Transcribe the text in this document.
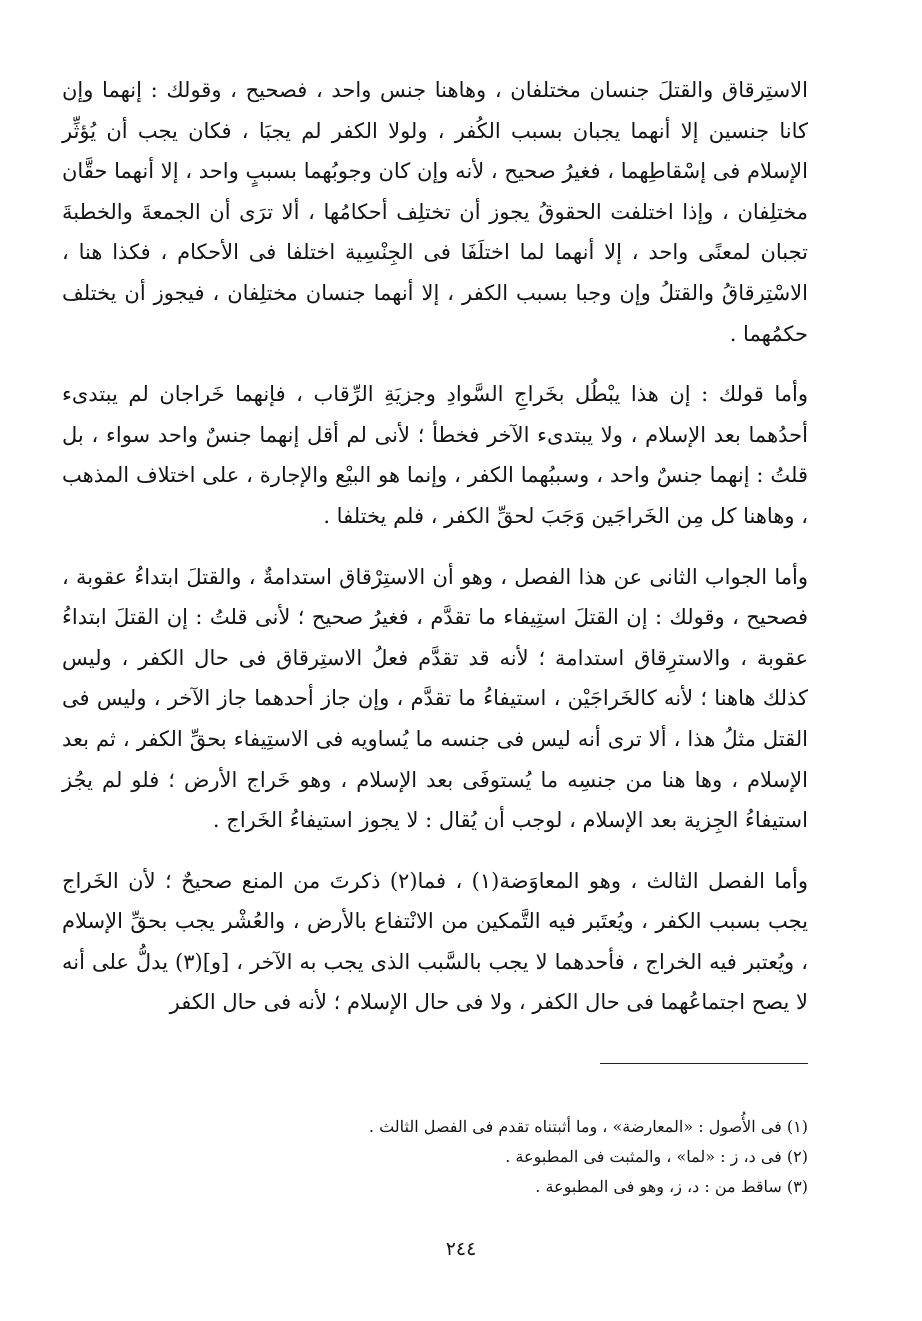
الاستِرقاق والقتلَ جنسان مختلفان ، وهاهنا جنس واحد ، فصحيح ، وقولك : إنهما وإن كانا جنسين إلا أنهما يجبان بسبب الكُفر ، ولولا الكفر لم يجبَا ، فكان يجب أن يُؤثِّر الإسلام فى إسْقاطِهما ، فغيرُ صحيح ، لأنه وإن كان وجوبُهما بسببٍ واحد ، إلا أنهما حقَّان مختلِفان ، وإذا اختلفت الحقوقُ يجوز أن تختلِف أحكامُها ، ألا ترَى أن الجمعةَ والخطبةَ تجبان لمعنًى واحد ، إلا أنهما لما اختلَفَا فى الجِنْسِية اختلفا فى الأحكام ، فكذا هنا ، الاسْتِرقاقُ والقتلُ وإن وجبا بسبب الكفر ، إلا أنهما جنسان مختلِفان ، فيجوز أن يختلف حكمُهما .

وأما قولك : إن هذا يبْطُل بخَراجِ السَّوادِ وجزيَةِ الرِّقاب ، فإنهما خَراجان لم يبتدىء أحدُهما بعد الإسلام ، ولا يبتدىء الآخر فخطأ ؛ لأنى لم أقل إنهما جنسٌ واحد سواء ، بل قلتُ : إنهما جنسٌ واحد ، وسببُهما الكفر ، وإنما هو البيْع والإجارة ، على اختلاف المذهب ، وهاهنا كل مِن الخَراجَين وَجَبَ لحقِّ الكفر ، فلم يختلفا .

وأما الجواب الثانى عن هذا الفصل ، وهو أن الاستِرْقاق استدامةٌ ، والقتلَ ابتداءُ عقوبة ، فصحيح ، وقولك : إن القتلَ استِيفاء ما تقدَّم ، فغيرُ صحيح ؛ لأنى قلتُ : إن القتلَ ابتداءُ عقوبة ، والاسترِقاق استدامة ؛ لأنه قد تقدَّم فعلُ الاستِرقاق فى حال الكفر ، وليس كذلك هاهنا ؛ لأنه كالخَراجَيْن ، استيفاءُ ما تقدَّم ، وإن جاز أحدهما جاز الآخر ، وليس فى القتل مثلُ هذا ، ألا ترى أنه ليس فى جنسه ما يُساويه فى الاستِيفاء بحقِّ الكفر ، ثم بعد الإسلام ، وها هنا من جنسِه ما يُستوفَى بعد الإسلام ، وهو خَراج الأرض ؛ فلو لم يجُز استيفاءُ الجِزية بعد الإسلام ، لوجب أن يُقال : لا يجوز استيفاءُ الخَراج .

وأما الفصل الثالث ، وهو المعاوَضة(١) ، فما(٢) ذكرتَ من المنع صحيحٌ ؛ لأن الخَراج يجب بسبب الكفر ، ويُعتَبر فيه التَّمكين من الانْتفاع بالأرض ، والعُشْر يجب بحقِّ الإسلام ، ويُعتبر فيه الخراج ، فأحدهما لا يجب بالسَّبب الذى يجب به الآخر ، [و](٣) يدلُّ على أنه لا يصح اجتماعُهما فى حال الكفر ، ولا فى حال الإسلام ؛ لأنه فى حال الكفر

(١) فى الأُصول : «المعارضة» ، وما أثبتناه تقدم فى الفصل الثالث .

(٢) فى د، ز : «لما» ، والمثبت فى المطبوعة .

(٣) ساقط من : د، ز، وهو فى المطبوعة .

٢٤٤
